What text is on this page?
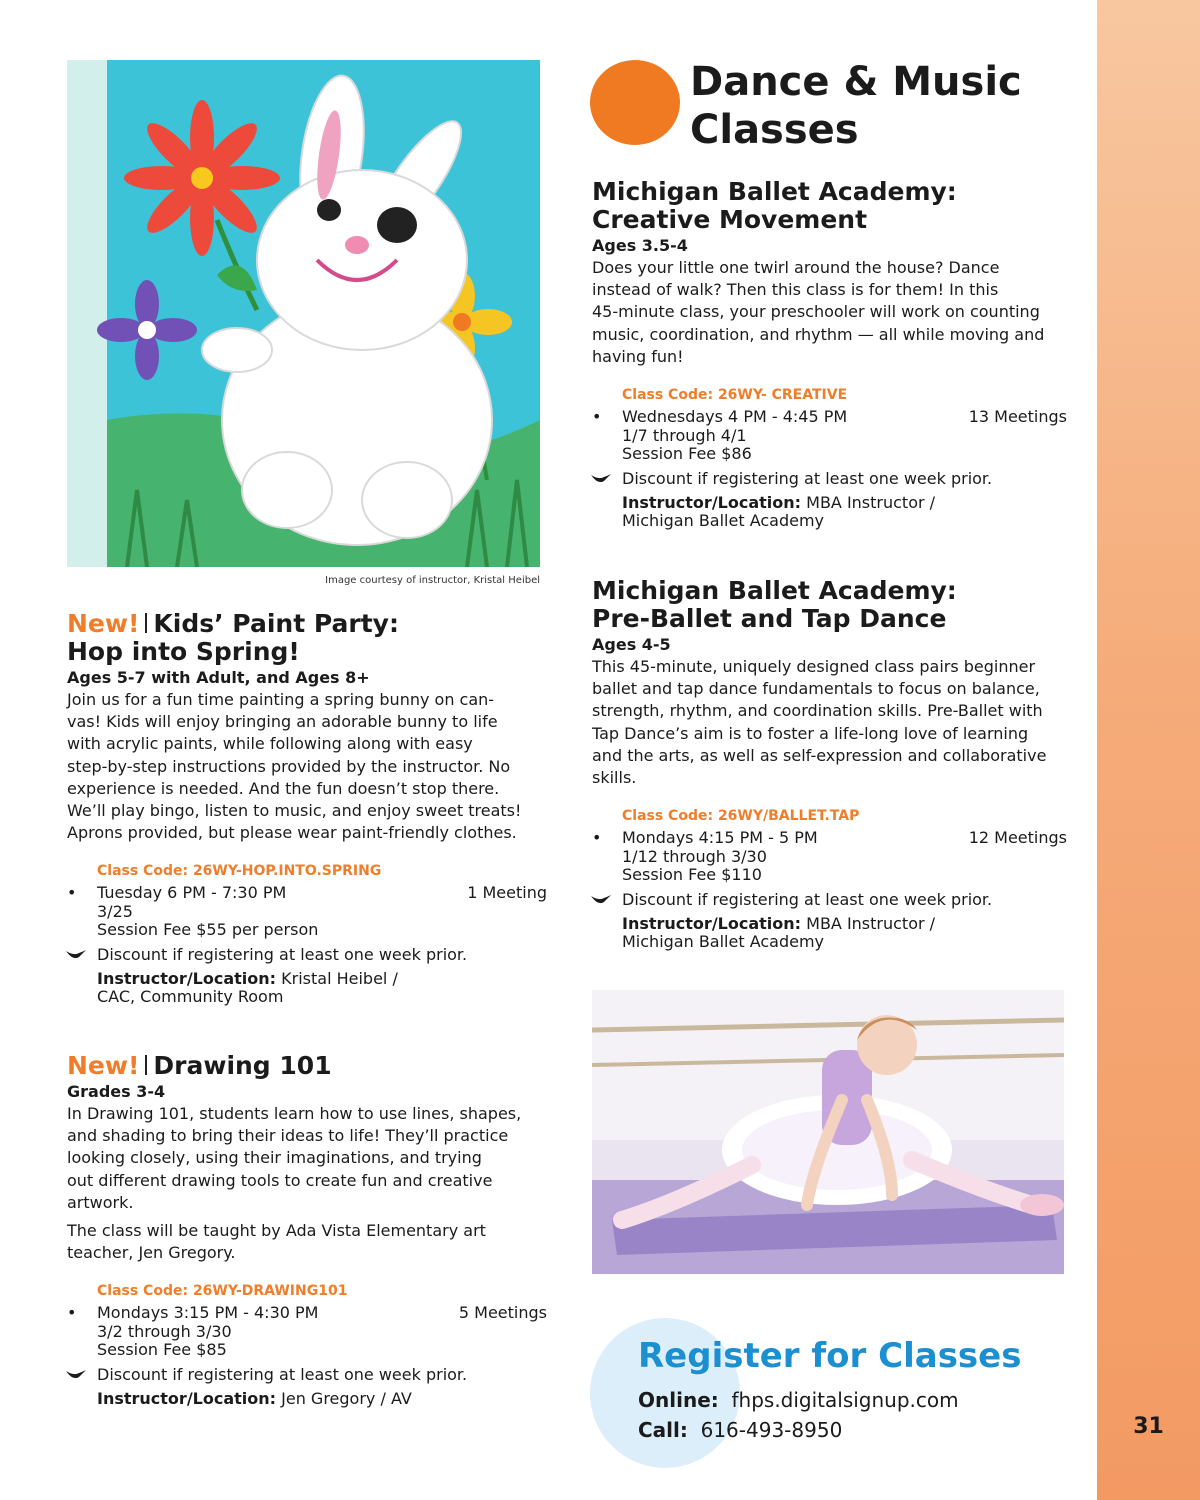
31
Image courtesy of instructor, Kristal Heibel
New! Kids’ Paint Party:
Hop into Spring!
Ages 5-7 with Adult, and Ages 8+
Join us for a fun time painting a spring bunny on can-
vas! Kids will enjoy bringing an adorable bunny to life
with acrylic paints, while following along with easy
step-by-step instructions provided by the instructor. No
experience is needed. And the fun doesn’t stop there.
We’ll play bingo, listen to music, and enjoy sweet treats!
Aprons provided, but please wear paint-friendly clothes.
Class Code: 26WY-HOP.INTO.SPRING
•	Tuesday 6 PM - 7:30 PM
3/25
Session Fee $55 per person
1 Meeting
Discount if registering at least one week prior.
Instructor/Location: Kristal Heibel /
CAC, Community Room
New! Drawing 101
Grades 3-4
In Drawing 101, students learn how to use lines, shapes,
and shading to bring their ideas to life! They’ll practice
looking closely, using their imaginations, and trying
out different drawing tools to create fun and creative
artwork.
The class will be taught by Ada Vista Elementary art
teacher, Jen Gregory.
Class Code: 26WY-DRAWING101
•	Mondays 3:15 PM - 4:30 PM
3/2 through 3/30
Session Fee $85
5 Meetings
Discount if registering at least one week prior.
Instructor/Location: Jen Gregory / AV
Dance & Music
Classes
Michigan Ballet Academy:
Creative Movement
Ages 3.5-4
Does your little one twirl around the house? Dance
instead of walk? Then this class is for them! In this
45-minute class, your preschooler will work on counting
music, coordination, and rhythm — all while moving and
having fun!
Class Code: 26WY- CREATIVE
•	Wednesdays 4 PM - 4:45 PM
1/7 through 4/1
Session Fee $86
13 Meetings
Discount if registering at least one week prior.
Instructor/Location: MBA Instructor /
Michigan Ballet Academy
Michigan Ballet Academy:
Pre-Ballet and Tap Dance
Ages 4-5
This 45-minute, uniquely designed class pairs beginner
ballet and tap dance fundamentals to focus on balance,
strength, rhythm, and coordination skills. Pre-Ballet with
Tap Dance’s aim is to foster a life-long love of learning
and the arts, as well as self-expression and collaborative
skills.
Class Code: 26WY/BALLET.TAP
•	Mondays 4:15 PM - 5 PM
1/12 through 3/30
Session Fee $110
12 Meetings
Discount if registering at least one week prior.
Instructor/Location: MBA Instructor /
Michigan Ballet Academy
Register for Classes
Online: fhps.digitalsignup.com
Call: 616-493-8950
